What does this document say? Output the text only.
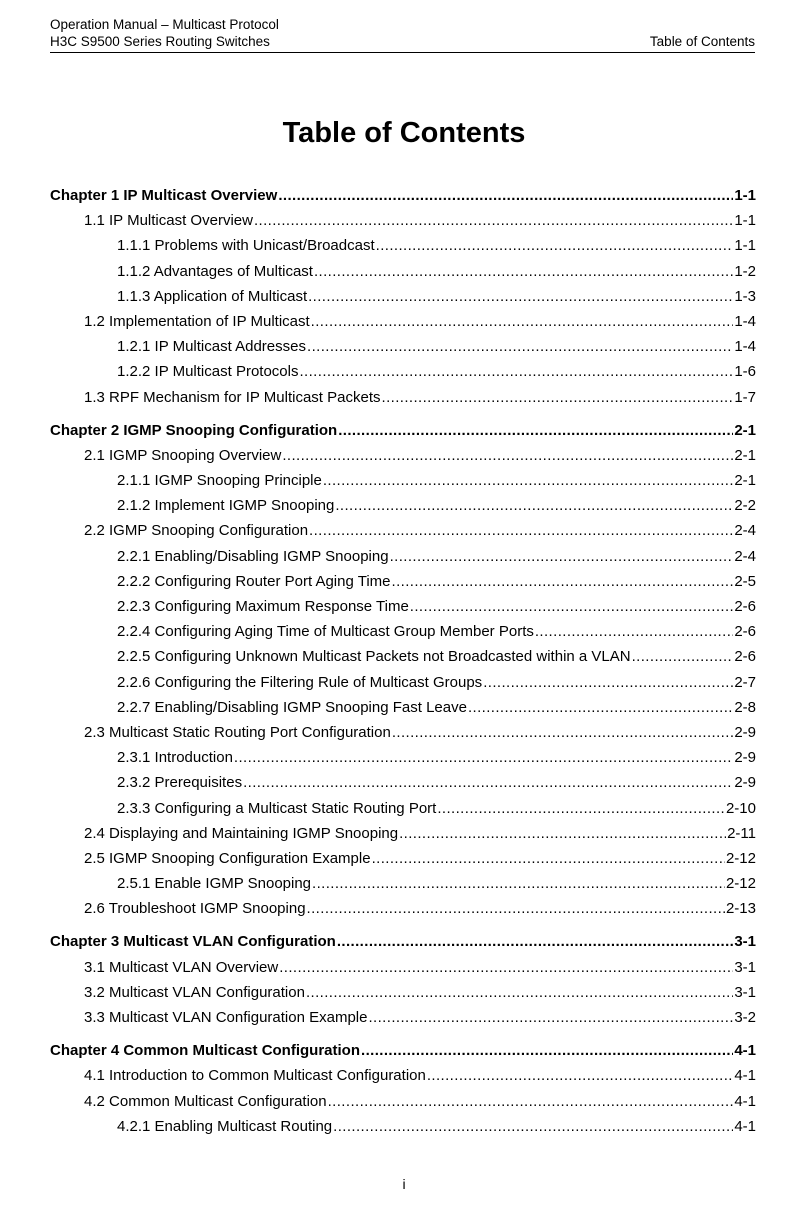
Operation Manual – Multicast Protocol
H3C S9500 Series Routing Switches	Table of Contents
Table of Contents
Chapter 1 IP Multicast Overview .....	1-1
1.1 IP Multicast Overview .....	1-1
1.1.1 Problems with Unicast/Broadcast .....	1-1
1.1.2 Advantages of Multicast .....	1-2
1.1.3 Application of Multicast .....	1-3
1.2 Implementation of IP Multicast .....	1-4
1.2.1 IP Multicast Addresses .....	1-4
1.2.2 IP Multicast Protocols .....	1-6
1.3 RPF Mechanism for IP Multicast Packets .....	1-7
Chapter 2 IGMP Snooping Configuration .....	2-1
2.1 IGMP Snooping Overview .....	2-1
2.1.1 IGMP Snooping Principle .....	2-1
2.1.2 Implement IGMP Snooping .....	2-2
2.2 IGMP Snooping Configuration .....	2-4
2.2.1 Enabling/Disabling IGMP Snooping .....	2-4
2.2.2 Configuring Router Port Aging Time .....	2-5
2.2.3 Configuring Maximum Response Time .....	2-6
2.2.4 Configuring Aging Time of Multicast Group Member Ports .....	2-6
2.2.5 Configuring Unknown Multicast Packets not Broadcasted within a VLAN .....	2-6
2.2.6 Configuring the Filtering Rule of Multicast Groups .....	2-7
2.2.7 Enabling/Disabling IGMP Snooping Fast Leave .....	2-8
2.3 Multicast Static Routing Port Configuration .....	2-9
2.3.1 Introduction .....	2-9
2.3.2 Prerequisites .....	2-9
2.3.3 Configuring a Multicast Static Routing Port .....	2-10
2.4 Displaying and Maintaining IGMP Snooping .....	2-11
2.5 IGMP Snooping Configuration Example .....	2-12
2.5.1 Enable IGMP Snooping .....	2-12
2.6 Troubleshoot IGMP Snooping .....	2-13
Chapter 3 Multicast VLAN Configuration .....	3-1
3.1 Multicast VLAN Overview .....	3-1
3.2 Multicast VLAN Configuration .....	3-1
3.3 Multicast VLAN Configuration Example .....	3-2
Chapter 4 Common Multicast Configuration .....	4-1
4.1 Introduction to Common Multicast Configuration .....	4-1
4.2 Common Multicast Configuration .....	4-1
4.2.1 Enabling Multicast Routing .....	4-1
i
